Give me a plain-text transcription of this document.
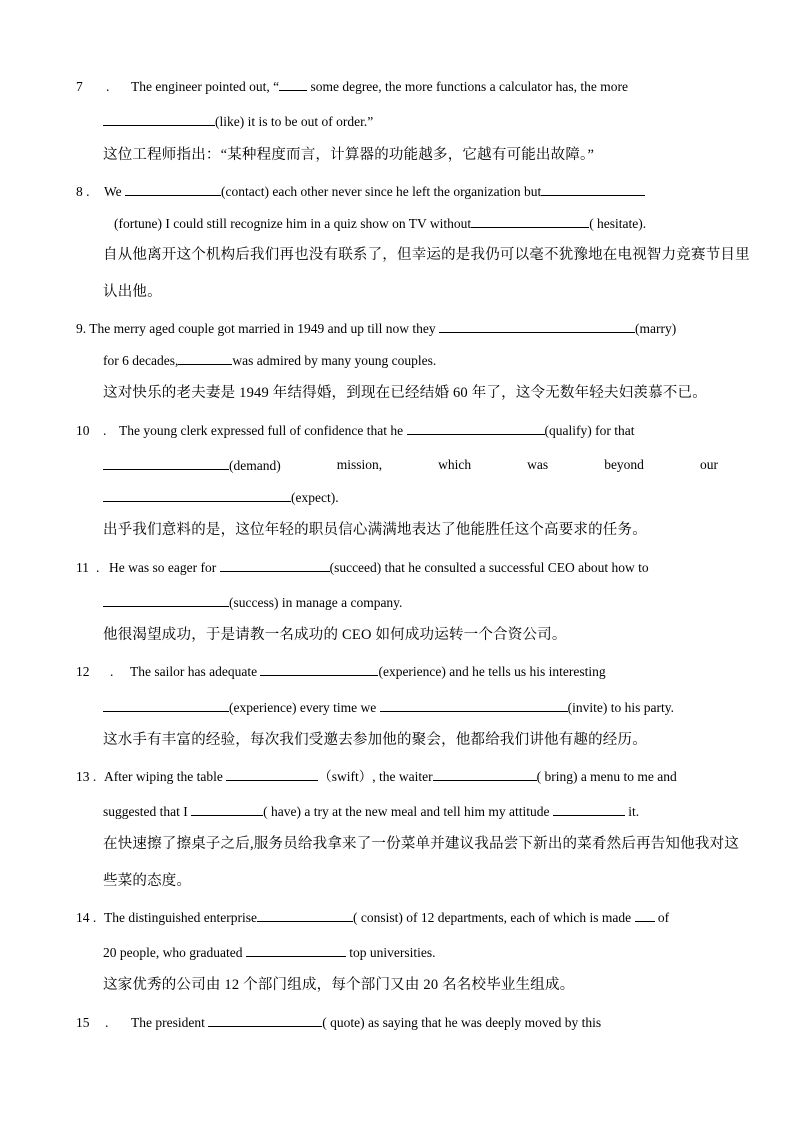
7 . The engineer pointed out, “ some degree, the more functions a calculator has, the more
(like) it is to be out of order.”
这位工程师指出：“某种程度而言，计算器的功能越多，它越有可能出故障。”
8 . We	(contact) each other never since he left the organization but
(fortune) I could still recognize him in a quiz show on TV without	( hesitate).
自从他离开这个机构后我们再也没有联系了，但幸运的是我仍可以毫不犹豫地在电视智力竞赛节目里
认出他。
9. The merry aged couple got married in 1949 and up till now they	(marry)
for 6 decades,	was admired by many young couples.
这对快乐的老夫妻是 1949 年结得婚，到现在已经结婚 60 年了，这令无数年轻夫妇羡慕不已。
10 . The young clerk expressed full of confidence that he	(qualify) for that
(demand)	mission,	which	was	beyond	our
(expect).
出乎我们意料的是，这位年轻的职员信心满满地表达了他能胜任这个高要求的任务。
11 . He was so eager for	(succeed) that he consulted a successful CEO about how to
(success) in manage a company.
他很渴望成功，于是请教一名成功的 CEO 如何成功运转一个合资公司。
12 . The sailor has adequate	(experience) and he tells us his interesting
(experience) every time we	(invite) to his party.
这水手有丰富的经验，每次我们受邀去参加他的聚会，他都给我们讲他有趣的经历。
13 . After wiping the table	（swift）, the waiter	( bring) a menu to me and
suggested that I	( have) a try at the new meal and tell him my attitude	it.
在快速擦了擦桌子之后,服务员给我拿来了一份菜单并建议我品尝下新出的菜肴然后再告知他我对这
些菜的态度。
14 . The distinguished enterprise	( consist) of 12 departments, each of which is made of
20 people, who graduated	top universities.
这家优秀的公司由 12 个部门组成，每个部门又由 20 名名校毕业生组成。
15 . The president	( quote) as saying that he was deeply moved by this
